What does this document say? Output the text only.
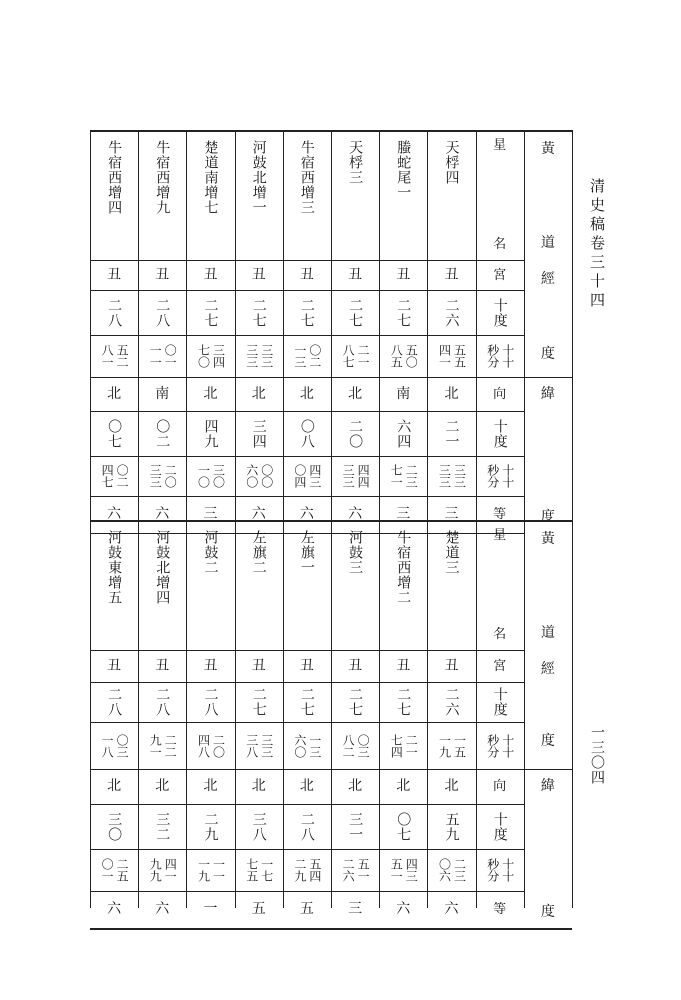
清史稿卷三十四
一三〇四
天桴四
丑
二六
五五
四一
北
二一
三三
三三
三
螣蛇尾一
丑
二七
五〇
八五
南
六四
二三
七一
三
天桴三
丑
二七
二一
八七
北
二〇
四四
三三
六
牛宿西增三
丑
二七
〇二
一三
北
〇八
四三
〇四
六
河鼓北增一
丑
二七
三三
三三
北
三四
〇〇
六〇
六
楚道南增七
丑
二七
三四
七〇
北
四九
三〇
一〇
三
牛宿西增九
丑
二八
〇一
一一
南
〇二
二〇
三三
六
牛宿西增四
丑
二八
五二
八一
北
〇七
〇二
四七
六
星
名
宮
十度
十十
秒分
向
十度
十十
秒分
等
黃
道
經
度
緯
度
楚道三
丑
二六
一五
一九
北
五九
二三
〇六
六
牛宿西增二
丑
二七
二一
七四
北
〇七
四三
五一
六
河鼓三
丑
二七
〇三
八二
北
三一
五一
二六
三
左旗一
丑
二七
一三
六〇
北
二八
五四
二九
五
左旗二
丑
二七
三三
三八
北
三八
一七
七五
五
河鼓二
丑
二八
二〇
四八
北
二九
一一
一九
一
河鼓北增四
丑
二八
二二
九一
北
三二
四一
九九
六
河鼓東增五
丑
二八
〇三
一八
北
三〇
二五
〇一
六
星
名
宮
十度
十十
秒分
向
十度
十十
秒分
等
黃
道
經
度
緯
度
